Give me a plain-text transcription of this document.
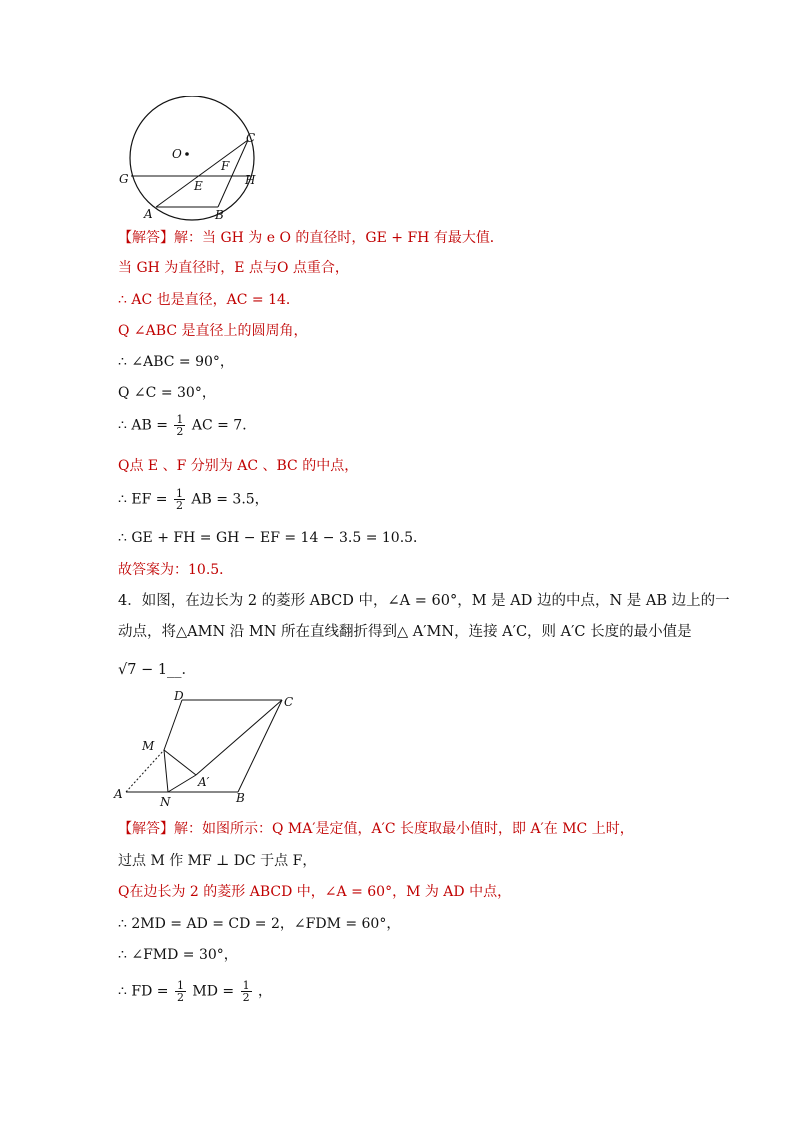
O
C
F
G	E	H
A	B
【解答】解：当 GH 为 e O 的直径时，GE + FH 有最大值．
当 GH 为直径时，E 点与O 点重合，
∴ AC 也是直径，AC = 14．
Q ∠ABC 是直径上的圆周角，
∴ ∠ABC = 90°，
Q ∠C = 30°，
∴ AB = $\frac{1}{2}$ AC = 7．
Q点 E 、F 分别为 AC 、BC 的中点，
∴ EF = $\frac{1}{2}$ AB = 3.5，
∴ GE + FH = GH − EF = 14 − 3.5 = 10.5．
故答案为：10.5．
4．如图，在边长为 2 的菱形 ABCD 中，∠A = 60°，M 是 AD 边的中点，N 是 AB 边上的一
动点，将△AMN 沿 MN 所在直线翻折得到△ A′MN，连接 A′C，则 A′C 长度的最小值是
√7 − 1__．
D	C
M
A′
A
N	B
【解答】解：如图所示：Q MA′是定值，A′C 长度取最小值时，即 A′在 MC 上时，
过点 M 作 MF ⊥ DC 于点 F，
Q在边长为 2 的菱形 ABCD 中，∠A = 60°，M 为 AD 中点，
∴ 2MD = AD = CD = 2，∠FDM = 60°，
∴ ∠FMD = 30°，
∴ FD = $\frac{1}{2}$ MD = $\frac{1}{2}$ ，
